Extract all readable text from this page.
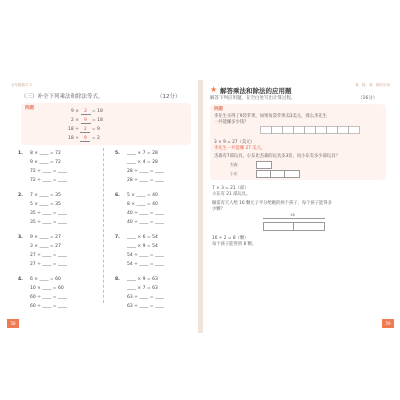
全年级数学 2
（三）补全下列乘法和除法等式。	（12分）
例题
9 × 2 = 18
2 × 9 = 18
18 ÷ 2 = 9
18 ÷ 9 = 2
1. 8 × ____ = 72
9 × ____ = 72
72 ÷ ____ = ____
72 ÷ ____ = ____
2. 7 × ____ = 35
5 × ____ = 35
35 ÷ ____ = ____
35 ÷ ____ = ____
3. 9 × ____ = 27
3 × ____ = 27
27 ÷ ____ = ____
27 ÷ ____ = ____
4. 6 × ____ = 60
10 × ____ = 60
60 ÷ ____ = ____
60 ÷ ____ = ____
5. ____ × 7 = 28
____ × 4 = 28
28 ÷ ____ = ____
28 ÷ ____ = ____
6. 5 × ____ = 40
8 × ____ = 40
40 ÷ ____ = ____
40 ÷ ____ = ____
7. ____ × 6 = 54
____ × 9 = 54
54 ÷ ____ = ____
54 ÷ ____ = ____
8. ____ × 9 = 63
____ × 7 = 63
63 ÷ ____ = ____
63 ÷ ____ = ____
58
乘、除、乘、除的应用
★ 解答乘法和除法的应用题
解答下列应用题，在空白处写出计算过程。	（16分）
例题
李先生买得了9袋苹果，如果每袋苹果卖3美元，那么李先生
一共能赚多少钱？
3 × 9 = 27（美元）
李先生一共能赚 27 美元。
杰森有7部玩具，小东比杰森的玩具多3倍，问小东有多少部玩具？
杰森
小东
7 × 3 = 21（部）
小东有 21 部玩具。
佩雷有天人给 16 颗元子平分给她的两个孩子，每个孩子能得多
少颗？
16
16 ÷ 2 = 8（颗）
每个孩子能得到 8 颗。
59
